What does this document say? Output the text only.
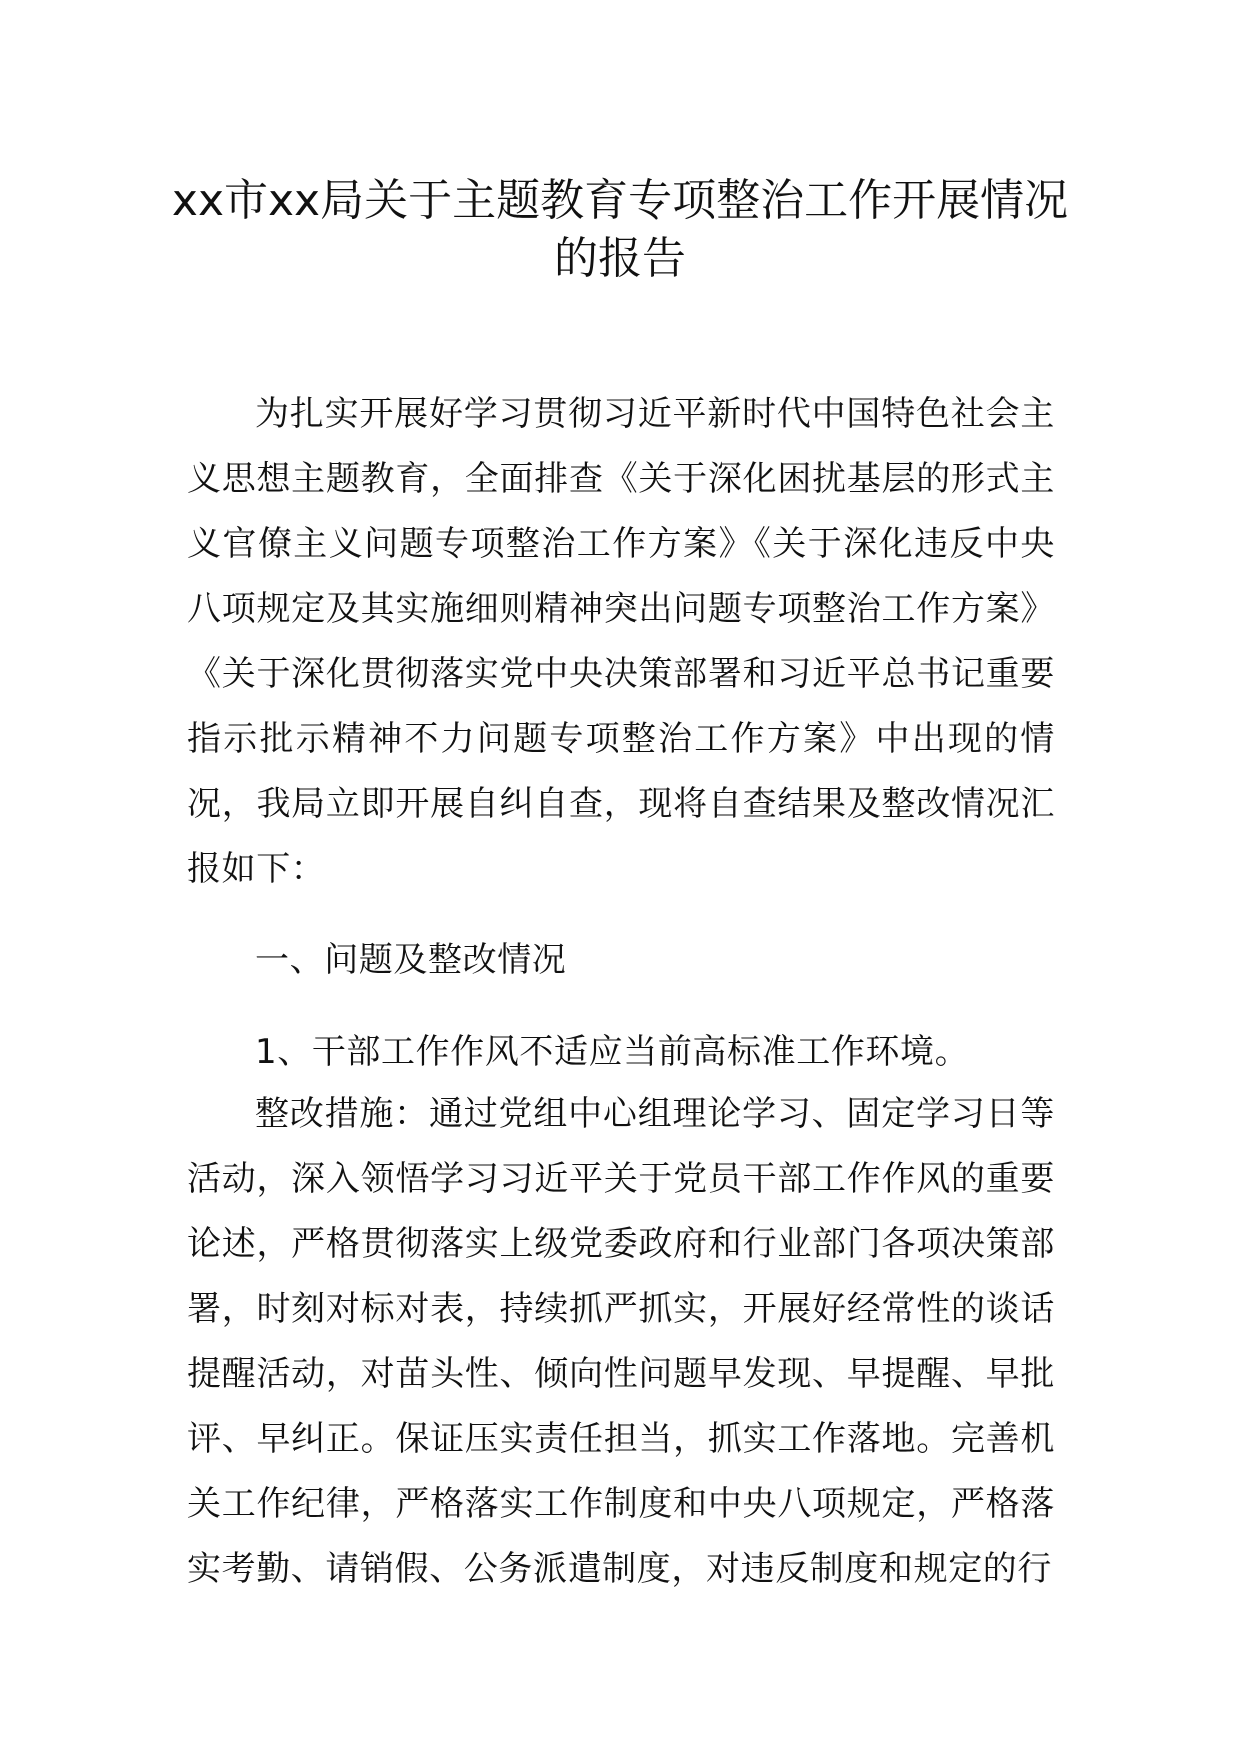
xx市xx局关于主题教育专项整治工作开展情况的报告

为扎实开展好学习贯彻习近平新时代中国特色社会主义思想主题教育，全面排查《关于深化困扰基层的形式主义官僚主义问题专项整治工作方案》《关于深化违反中央八项规定及其实施细则精神突出问题专项整治工作方案》《关于深化贯彻落实党中央决策部署和习近平总书记重要指示批示精神不力问题专项整治工作方案》中出现的情况，我局立即开展自纠自查，现将自查结果及整改情况汇报如下：

一、问题及整改情况

1、干部工作作风不适应当前高标准工作环境。

整改措施：通过党组中心组理论学习、固定学习日等活动，深入领悟学习习近平关于党员干部工作作风的重要论述，严格贯彻落实上级党委政府和行业部门各项决策部署，时刻对标对表，持续抓严抓实，开展好经常性的谈话提醒活动，对苗头性、倾向性问题早发现、早提醒、早批评、早纠正。保证压实责任担当，抓实工作落地。完善机关工作纪律，严格落实工作制度和中央八项规定，严格落实考勤、请销假、公务派遣制度，对违反制度和规定的行
